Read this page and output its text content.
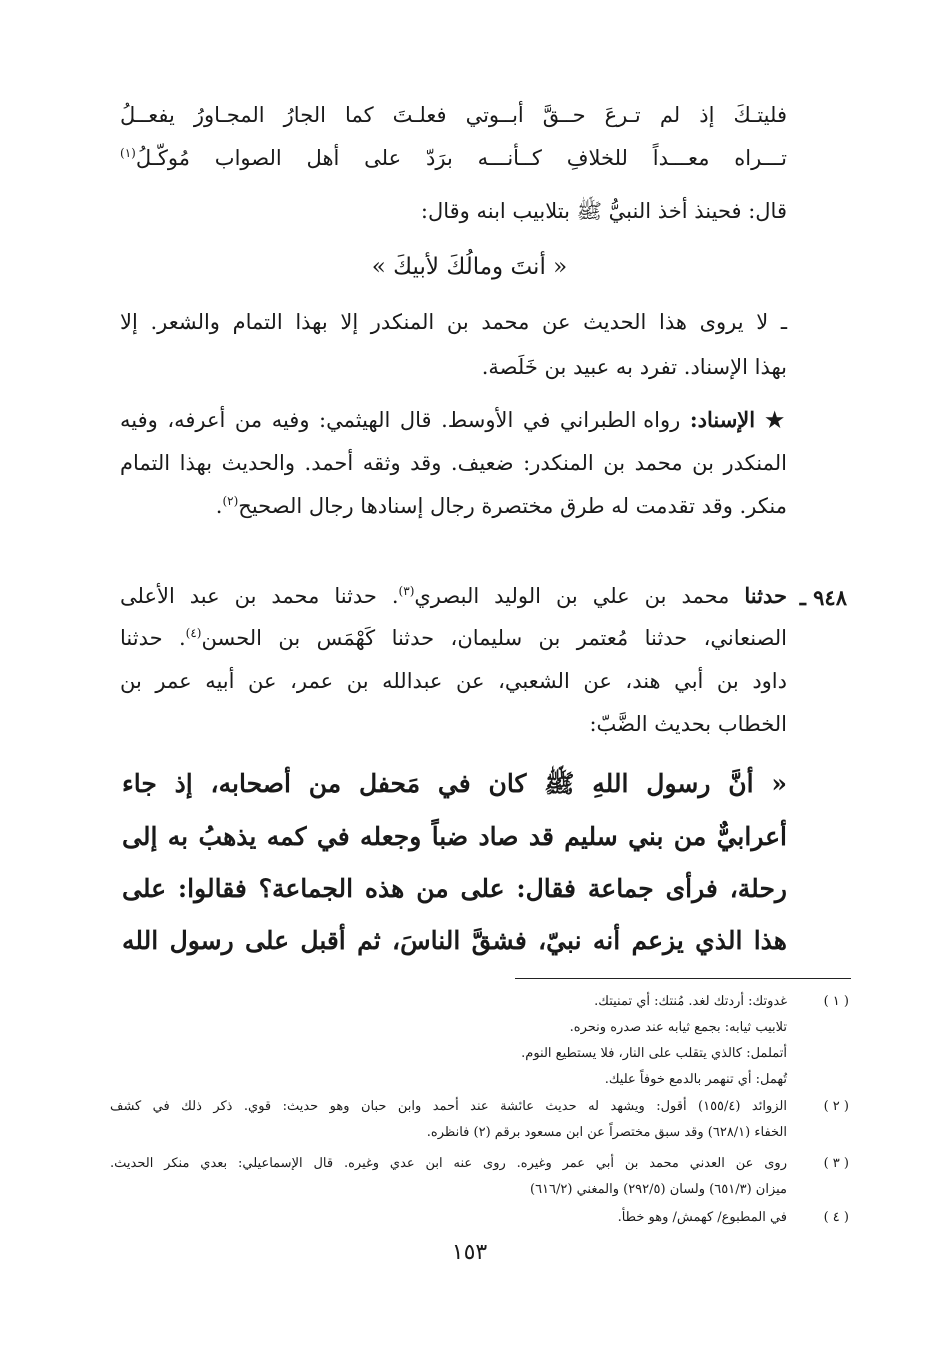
فليتـكَ إذ لم تـرعَ حــقَّ أبــوتي فعلـتَ كما الجارُ المجـاورُ يفعــلُ
تـــراه معـــداً للخلافِ كــأنـــه برَدّ على أهل الصواب مُوكّـلُ$^{(١)}$
قال: فحينذ أخذ النبيُّ ﷺ بتلابيب ابنه وقال:
« أنتَ ومالُكَ لأبيكَ »
ـ لا يروى هذا الحديث عن محمد بن المنكدر إلا بهذا التمام والشعر. إلا
بهذا الإسناد. تفرد به عبيد بن خَلَصة.
★ الإسناد: رواه الطبراني في الأوسط. قال الهيثمي: وفيه من أعرفه، وفيه
المنكدر بن محمد بن المنكدر: ضعيف. وقد وثقه أحمد. والحديث بهذا التمام
منكر. وقد تقدمت له طرق مختصرة رجال إسنادها رجال الصحيح$^{(٢)}$.
٩٤٨ ـ
حدثنا محمد بن علي بن الوليد البصري$^{(٣)}$. حدثنا محمد بن عبد الأعلى
الصنعاني، حدثنا مُعتمر بن سليمان، حدثنا كَهْمَس بن الحسن$^{(٤)}$. حدثنا
داود بن أبي هند، عن الشعبي، عن عبدالله بن عمر، عن أبيه عمر بن
الخطاب بحديث الضَّبّ:
« أنَّ رسول اللهِ ﷺ كان في مَحفل من أصحابه، إذ جاء
أعرابيٌّ من بني سليم قد صاد ضباً وجعله في كمه يذهبُ به إلى
رحلة، فرأى جماعة فقال: على من هذه الجماعة؟ فقالوا: على
هذا الذي يزعم أنه نبيّ، فشقَّ الناسَ، ثم أقبل على رسول الله
( ١ )
غدوتك: أردتك لغد. مُنتك: أي تمنيتك.
تلابيب ثيابه: بجمع ثيابه عند صدره ونحره.
أتململ: كالذي يتقلب على النار، فلا يستطيع النوم.
تُهمل: أي تنهمر بالدمع خوفاً عليك.
( ٢ )
الزوائد (١٥٥/٤) أقول: ويشهد له حديث عائشة عند أحمد وابن حبان وهو حديث: قوي. ذكر ذلك في كشف
الخفاء (٦٢٨/١) وقد سبق مختصراً عن ابن مسعود برقم (٢) فانظره.
( ٣ )
روى عن العدني محمد بن أبي عمر وغيره. روى عنه ابن عدي وغيره. قال الإسماعيلي: بعدي منكر الحديث.
ميزان (٦٥١/٣) ولسان (٢٩٢/٥) والمغني (٦١٦/٢)
( ٤ )
في المطبوع/ كهمش/ وهو خطأ.
١٥٣
